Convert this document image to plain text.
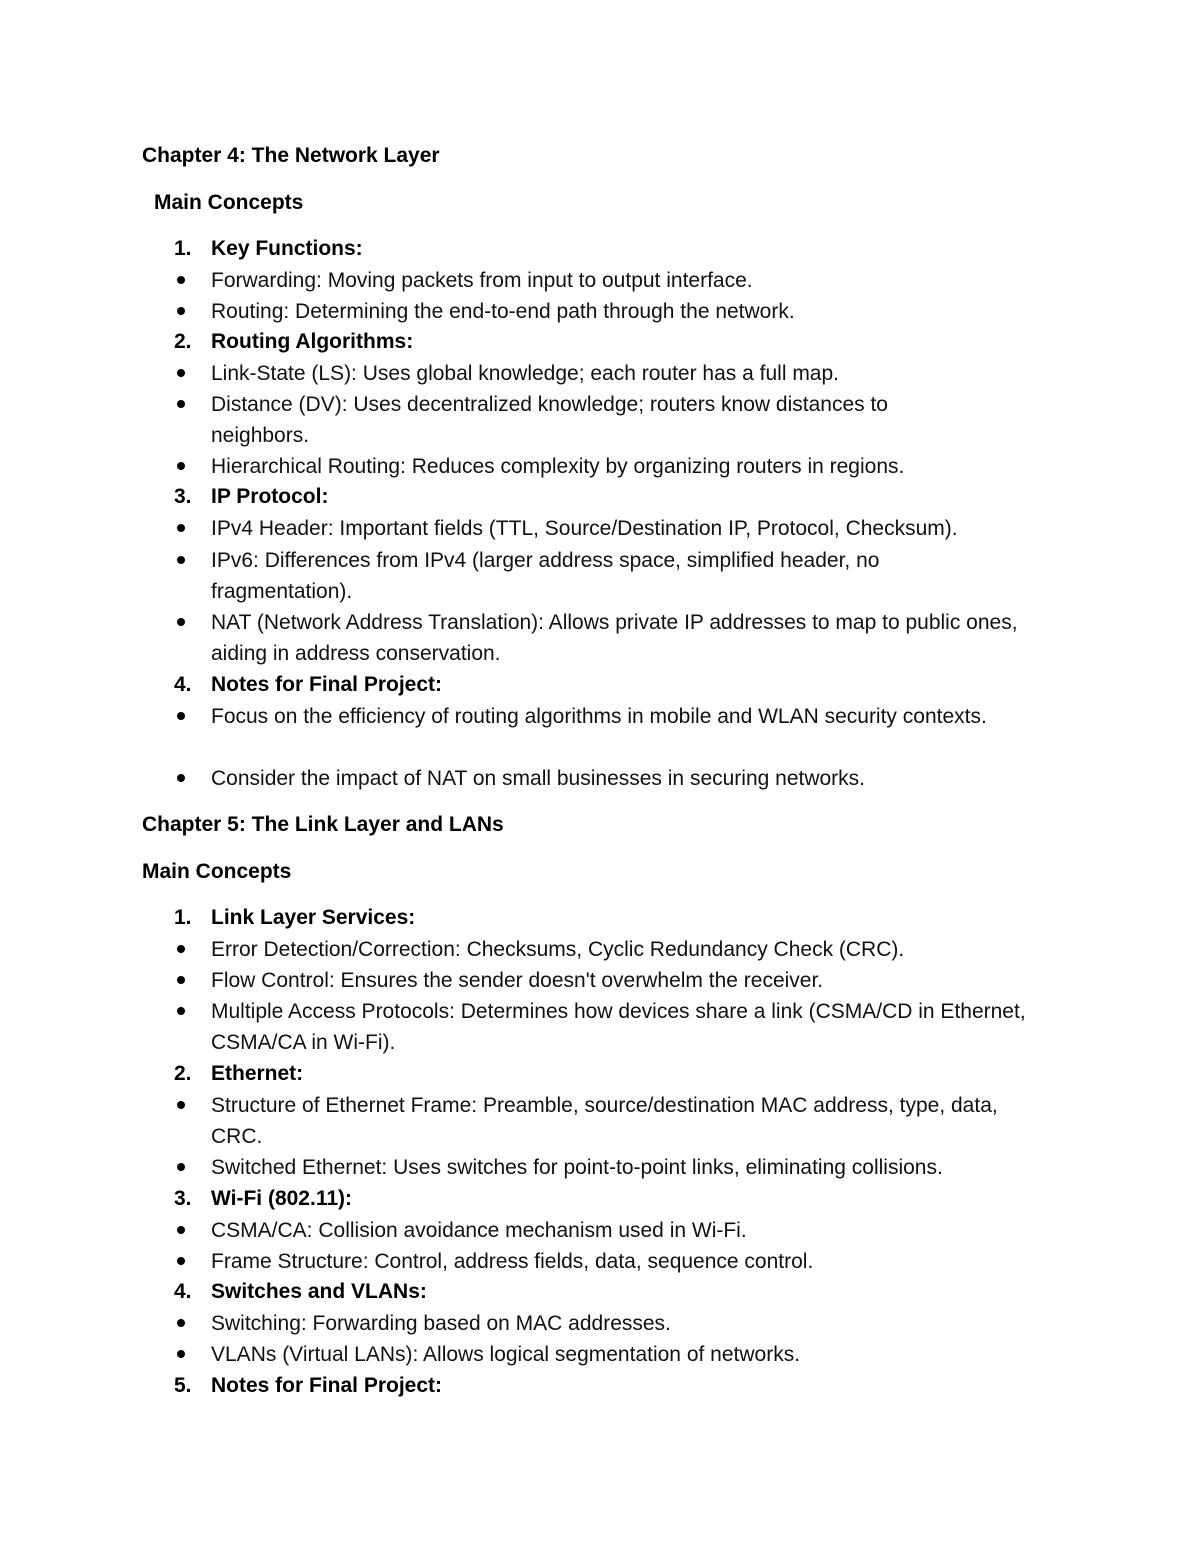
Chapter 4: The Network Layer
Main Concepts
1. Key Functions:
Forwarding: Moving packets from input to output interface.
Routing: Determining the end-to-end path through the network.
2. Routing Algorithms:
Link-State (LS): Uses global knowledge; each router has a full map.
Distance (DV): Uses decentralized knowledge; routers know distances to neighbors.
Hierarchical Routing: Reduces complexity by organizing routers in regions.
3. IP Protocol:
IPv4 Header: Important fields (TTL, Source/Destination IP, Protocol, Checksum).
IPv6: Differences from IPv4 (larger address space, simplified header, no fragmentation).
NAT (Network Address Translation): Allows private IP addresses to map to public ones, aiding in address conservation.
4. Notes for Final Project:
Focus on the efficiency of routing algorithms in mobile and WLAN security contexts.
Consider the impact of NAT on small businesses in securing networks.
Chapter 5: The Link Layer and LANs
Main Concepts
1. Link Layer Services:
Error Detection/Correction: Checksums, Cyclic Redundancy Check (CRC).
Flow Control: Ensures the sender doesn't overwhelm the receiver.
Multiple Access Protocols: Determines how devices share a link (CSMA/CD in Ethernet, CSMA/CA in Wi-Fi).
2. Ethernet:
Structure of Ethernet Frame: Preamble, source/destination MAC address, type, data, CRC.
Switched Ethernet: Uses switches for point-to-point links, eliminating collisions.
3. Wi-Fi (802.11):
CSMA/CA: Collision avoidance mechanism used in Wi-Fi.
Frame Structure: Control, address fields, data, sequence control.
4. Switches and VLANs:
Switching: Forwarding based on MAC addresses.
VLANs (Virtual LANs): Allows logical segmentation of networks.
5. Notes for Final Project:
